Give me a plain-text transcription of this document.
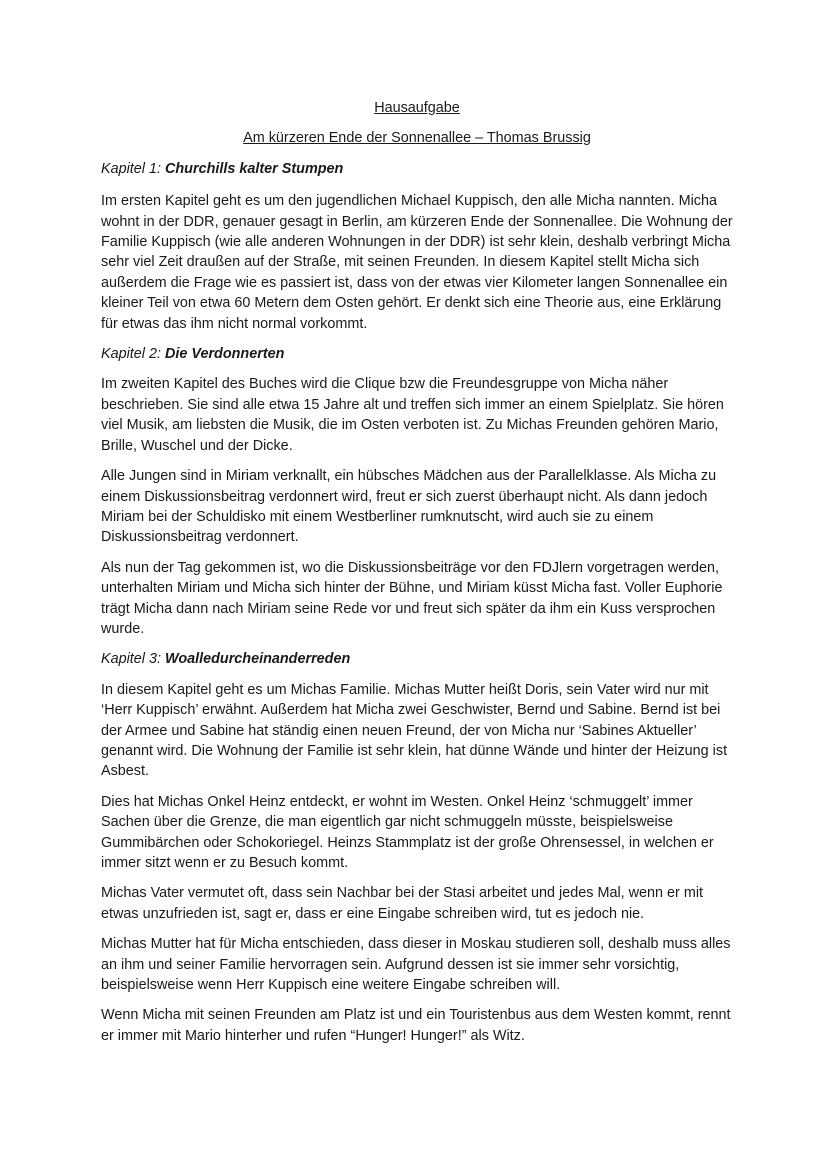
Hausaufgabe

Am kürzeren Ende der Sonnenallee – Thomas Brussig

Kapitel 1: Churchills kalter Stumpen

Im ersten Kapitel geht es um den jugendlichen Michael Kuppisch, den alle Micha nannten. Micha wohnt in der DDR, genauer gesagt in Berlin, am kürzeren Ende der Sonnenallee. Die Wohnung der Familie Kuppisch (wie alle anderen Wohnungen in der DDR) ist sehr klein, deshalb verbringt Micha sehr viel Zeit draußen auf der Straße, mit seinen Freunden. In diesem Kapitel stellt Micha sich außerdem die Frage wie es passiert ist, dass von der etwas vier Kilometer langen Sonnenallee ein kleiner Teil von etwa 60 Metern dem Osten gehört. Er denkt sich eine Theorie aus, eine Erklärung für etwas das ihm nicht normal vorkommt.

Kapitel 2: Die Verdonnerten

Im zweiten Kapitel des Buches wird die Clique bzw die Freundesgruppe von Micha näher beschrieben. Sie sind alle etwa 15 Jahre alt und treffen sich immer an einem Spielplatz. Sie hören viel Musik, am liebsten die Musik, die im Osten verboten ist. Zu Michas Freunden gehören Mario, Brille, Wuschel und der Dicke.

Alle Jungen sind in Miriam verknallt, ein hübsches Mädchen aus der Parallelklasse. Als Micha zu einem Diskussionsbeitrag verdonnert wird, freut er sich zuerst überhaupt nicht. Als dann jedoch Miriam bei der Schuldisko mit einem Westberliner rumknutscht, wird auch sie zu einem Diskussionsbeitrag verdonnert.

Als nun der Tag gekommen ist, wo die Diskussionsbeiträge vor den FDJlern vorgetragen werden, unterhalten Miriam und Micha sich hinter der Bühne, und Miriam küsst Micha fast. Voller Euphorie trägt Micha dann nach Miriam seine Rede vor und freut sich später da ihm ein Kuss versprochen wurde.

Kapitel 3: Woalledurcheinanderreden

In diesem Kapitel geht es um Michas Familie. Michas Mutter heißt Doris, sein Vater wird nur mit ‘Herr Kuppisch’ erwähnt. Außerdem hat Micha zwei Geschwister, Bernd und Sabine. Bernd ist bei der Armee und Sabine hat ständig einen neuen Freund, der von Micha nur ‘Sabines Aktueller’ genannt wird. Die Wohnung der Familie ist sehr klein, hat dünne Wände und hinter der Heizung ist Asbest.

Dies hat Michas Onkel Heinz entdeckt, er wohnt im Westen. Onkel Heinz ‘schmuggelt’ immer Sachen über die Grenze, die man eigentlich gar nicht schmuggeln müsste, beispielsweise Gummibärchen oder Schokoriegel. Heinzs Stammplatz ist der große Ohrensessel, in welchen er immer sitzt wenn er zu Besuch kommt.

Michas Vater vermutet oft, dass sein Nachbar bei der Stasi arbeitet und jedes Mal, wenn er mit etwas unzufrieden ist, sagt er, dass er eine Eingabe schreiben wird, tut es jedoch nie.

Michas Mutter hat für Micha entschieden, dass dieser in Moskau studieren soll, deshalb muss alles an ihm und seiner Familie hervorragen sein. Aufgrund dessen ist sie immer sehr vorsichtig, beispielsweise wenn Herr Kuppisch eine weitere Eingabe schreiben will.

Wenn Micha mit seinen Freunden am Platz ist und ein Touristenbus aus dem Westen kommt, rennt er immer mit Mario hinterher und rufen “Hunger! Hunger!” als Witz.
